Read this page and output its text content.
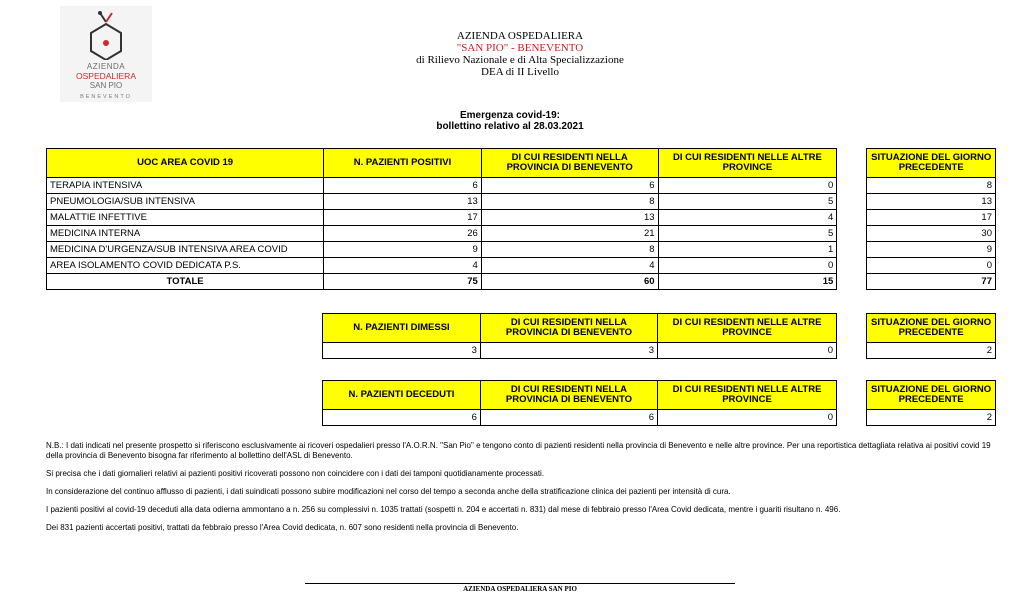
AZIENDA
OSPEDALIERA
SAN PIO
BENEVENTO
AZIENDA OSPEDALIERA
"SAN PIO" - BENEVENTO
di Rilievo Nazionale e di Alta Specializzazione
DEA di II Livello
Emergenza covid-19:
bollettino relativo al 28.03.2021
UOC AREA COVID 19	N. PAZIENTI POSITIVI	DI CUI RESIDENTI NELLA PROVINCIA DI BENEVENTO	DI CUI RESIDENTI NELLE ALTRE PROVINCE		SITUAZIONE DEL GIORNO PRECEDENTE
TERAPIA INTENSIVA	6	6	0		8
PNEUMOLOGIA/SUB INTENSIVA	13	8	5		13
MALATTIE INFETTIVE	17	13	4		17
MEDICINA INTERNA	26	21	5		30
MEDICINA D'URGENZA/SUB INTENSIVA AREA COVID	9	8	1		9
AREA ISOLAMENTO COVID DEDICATA P.S.	4	4	0		0
TOTALE	75	60	15		77
N. PAZIENTI DIMESSI	DI CUI RESIDENTI NELLA PROVINCIA DI BENEVENTO	DI CUI RESIDENTI NELLE ALTRE PROVINCE		SITUAZIONE DEL GIORNO PRECEDENTE
3	3	0		2
N. PAZIENTI DECEDUTI	DI CUI RESIDENTI NELLA PROVINCIA DI BENEVENTO	DI CUI RESIDENTI NELLE ALTRE PROVINCE		SITUAZIONE DEL GIORNO PRECEDENTE
6	6	0		2

N.B.: I dati indicati nel presente prospetto si riferiscono esclusivamente ai ricoveri ospedalieri presso l'A.O.R.N. "San Pio" e tengono conto di pazienti residenti nella provincia di Benevento e nelle altre province. Per una reportistica dettagliata relativa ai positivi covid 19 della provincia di Benevento bisogna far riferimento al bollettino dell'ASL di Benevento.

Si precisa che i dati giornalieri relativi ai pazienti positivi ricoverati possono non coincidere con i dati dei tamponi quotidianamente processati.

In considerazione del continuo afflusso di pazienti, i dati suindicati possono subire modificazioni nel corso del tempo a seconda anche della stratificazione clinica dei pazienti per intensità di cura.

I pazienti positivi al covid-19 deceduti alla data odierna ammontano a n. 256 su complessivi n. 1035 trattati (sospetti n. 204 e accertati n. 831) dal mese di febbraio presso l'Area Covid dedicata, mentre i guariti risultano n. 496.

Dei 831 pazienti accertati positivi, trattati da febbraio presso l'Area Covid dedicata, n. 607 sono residenti nella provincia di Benevento.

AZIENDA OSPEDALIERA SAN PIO
